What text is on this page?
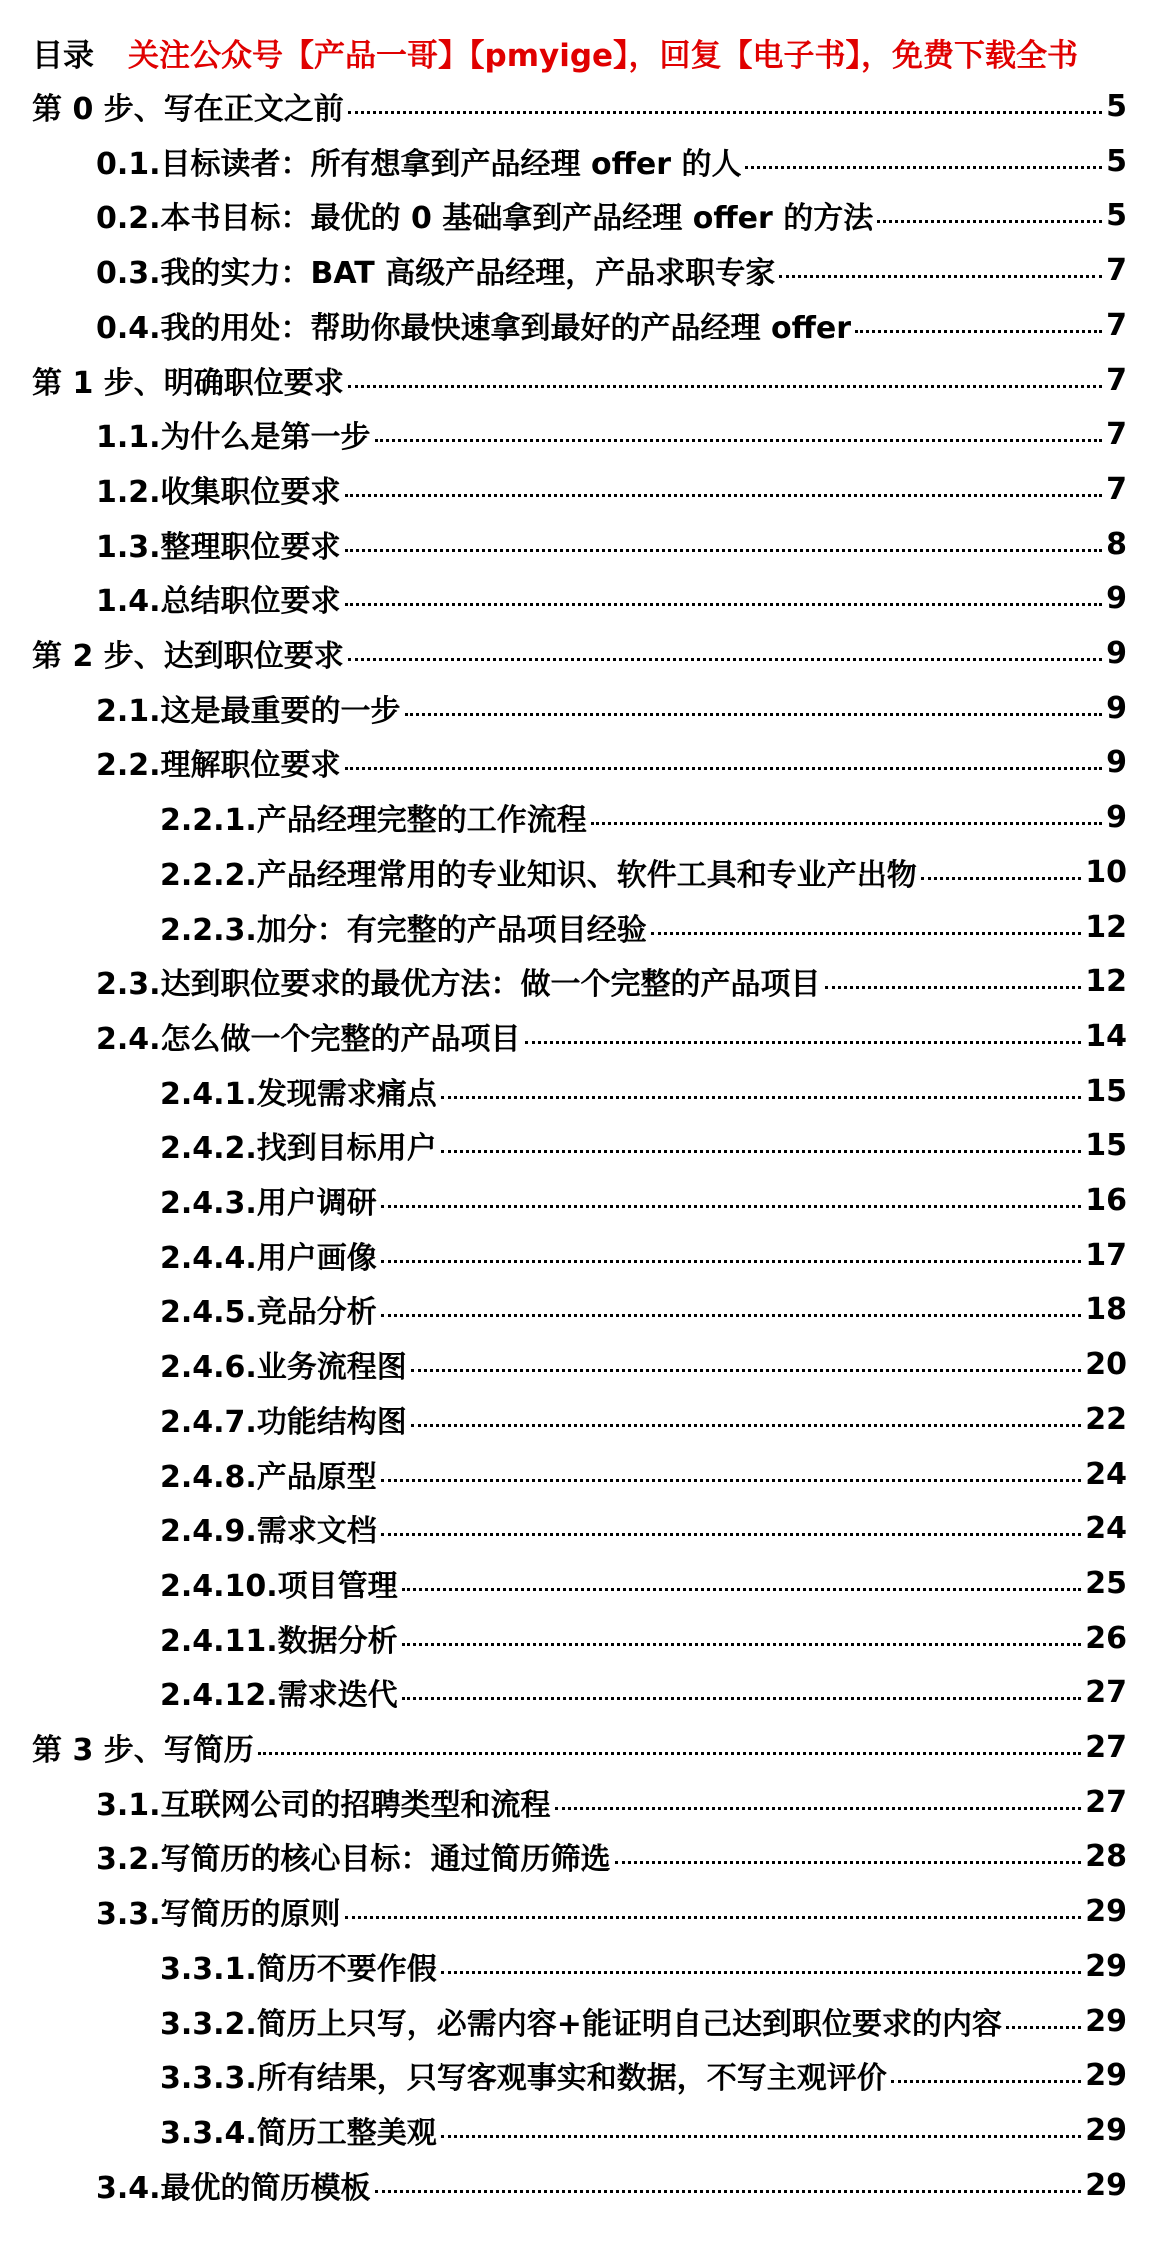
目录 关注公众号【产品一哥】【pmyige】，回复【电子书】，免费下载全书
第 0 步、写在正文之前	5
0.1.目标读者：所有想拿到产品经理 offer 的人	5
0.2.本书目标：最优的 0 基础拿到产品经理 offer 的方法	5
0.3.我的实力：BAT 高级产品经理，产品求职专家	7
0.4.我的用处：帮助你最快速拿到最好的产品经理 offer	7
第 1 步、明确职位要求	7
1.1.为什么是第一步	7
1.2.收集职位要求	7
1.3.整理职位要求	8
1.4.总结职位要求	9
第 2 步、达到职位要求	9
2.1.这是最重要的一步	9
2.2.理解职位要求	9
2.2.1.产品经理完整的工作流程	9
2.2.2.产品经理常用的专业知识、软件工具和专业产出物	10
2.2.3.加分：有完整的产品项目经验	12
2.3.达到职位要求的最优方法：做一个完整的产品项目	12
2.4.怎么做一个完整的产品项目	14
2.4.1.发现需求痛点	15
2.4.2.找到目标用户	15
2.4.3.用户调研	16
2.4.4.用户画像	17
2.4.5.竞品分析	18
2.4.6.业务流程图	20
2.4.7.功能结构图	22
2.4.8.产品原型	24
2.4.9.需求文档	24
2.4.10.项目管理	25
2.4.11.数据分析	26
2.4.12.需求迭代	27
第 3 步、写简历	27
3.1.互联网公司的招聘类型和流程	27
3.2.写简历的核心目标：通过简历筛选	28
3.3.写简历的原则	29
3.3.1.简历不要作假	29
3.3.2.简历上只写，必需内容+能证明自己达到职位要求的内容	29
3.3.3.所有结果，只写客观事实和数据，不写主观评价	29
3.3.4.简历工整美观	29
3.4.最优的简历模板	29
